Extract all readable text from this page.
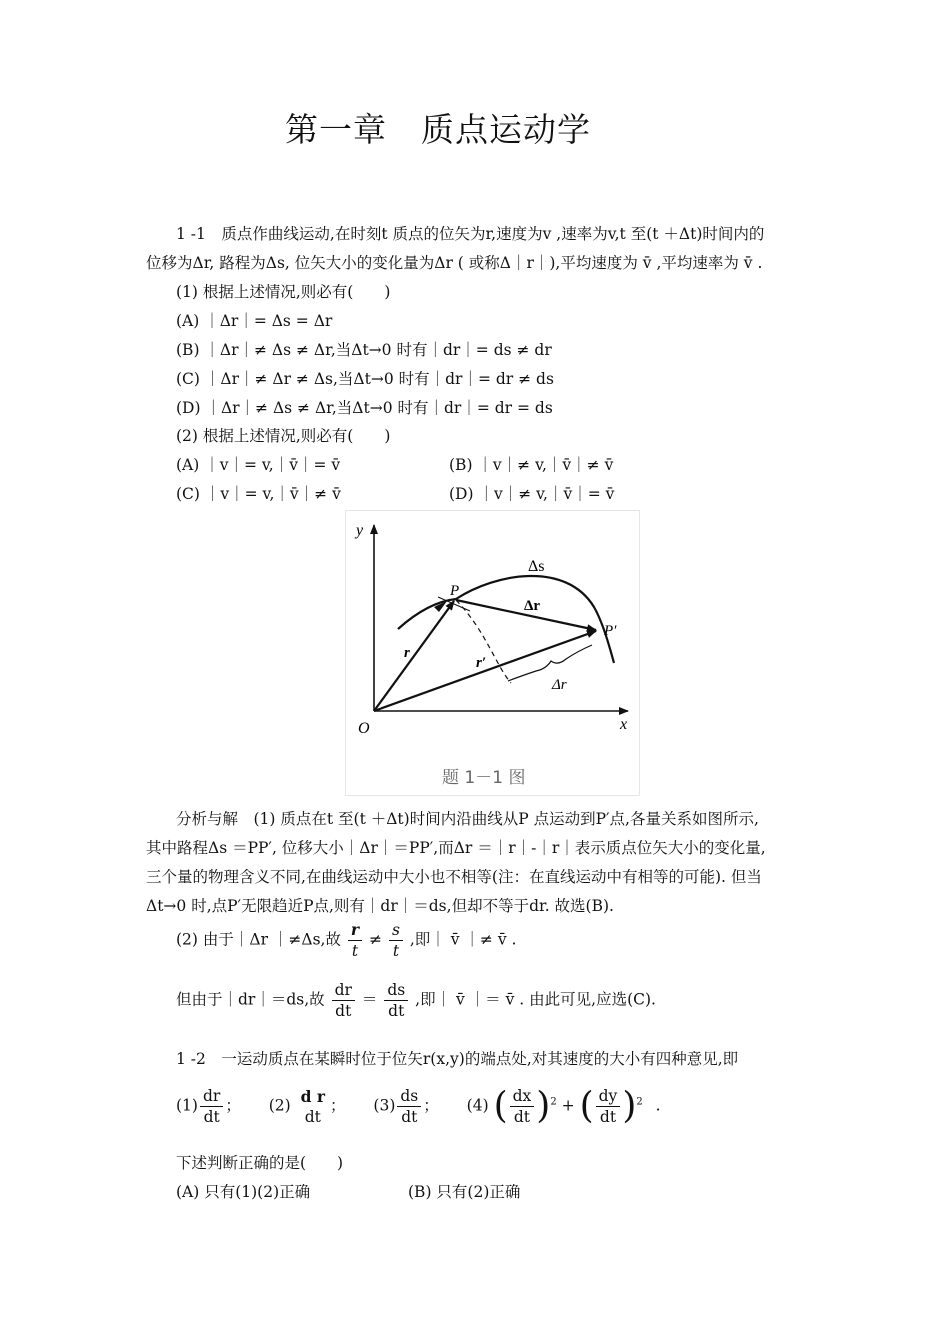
第一章　质点运动学
1 -1　质点作曲线运动,在时刻t 质点的位矢为r,速度为v ,速率为v,t 至(t ＋Δt)时间内的
位移为Δr, 路程为Δs, 位矢大小的变化量为Δr ( 或称Δ｜r｜),平均速度为 v̄ ,平均速率为 v̄ .
(1) 根据上述情况,则必有(　　)
(A) ｜Δr｜= Δs = Δr
(B) ｜Δr｜≠ Δs ≠ Δr,当Δt→0 时有｜dr｜= ds ≠ dr
(C) ｜Δr｜≠ Δr ≠ Δs,当Δt→0 时有｜dr｜= dr ≠ ds
(D) ｜Δr｜≠ Δs ≠ Δr,当Δt→0 时有｜dr｜= dr = ds
(2) 根据上述情况,则必有(　　)
(A) ｜v｜= v,｜v̄｜= v̄	(B) ｜v｜≠ v,｜v̄｜≠ v̄
(C) ｜v｜= v,｜v̄｜≠ v̄	(D) ｜v｜≠ v,｜v̄｜= v̄
y
x
O
P
P′
Δs
Δr
r
r′
Δr
题 1－1 图
分析与解　(1) 质点在t 至(t ＋Δt)时间内沿曲线从P 点运动到P′点,各量关系如图所示,
其中路程Δs ＝PP′, 位移大小｜Δr｜＝PP′,而Δr ＝｜r｜-｜r｜表示质点位矢大小的变化量,
三个量的物理含义不同,在曲线运动中大小也不相等(注：在直线运动中有相等的可能). 但当
Δt→0 时,点P′无限趋近P点,则有｜dr｜＝ds,但却不等于dr. 故选(B).
(2) 由于｜Δr ｜≠Δs,故 $\frac{r}{t} \ne \frac{s}{t}$ ,即｜ v̄ ｜≠ v̄ .
但由于｜dr｜＝ds,故 $\frac{dr}{dt} = \frac{ds}{dt}$ ,即｜ v̄ ｜＝ v̄ . 由此可见,应选(C).
1 -2　一运动质点在某瞬时位于位矢r(x,y)的端点处,对其速度的大小有四种意见,即
$(1) \frac{dr}{dt}$ ； (2) d r
dt
； $(3) \frac{ds}{dt}$ ； (4) ( $\frac{dx}{dt} )^2$ + ( $\frac{dy}{dt} )^2$ .
下述判断正确的是(　　)
(A) 只有(1)(2)正确	(B) 只有(2)正确
